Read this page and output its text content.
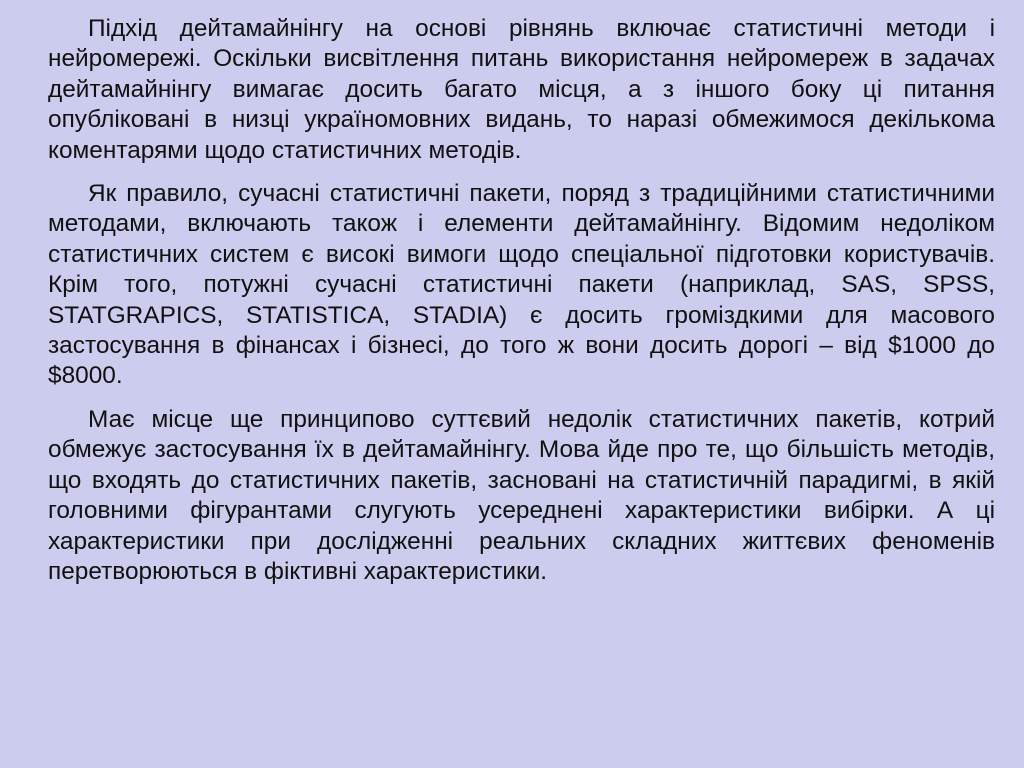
Підхід дейтамайнінгу на основі рівнянь включає статистичні методи і нейромережі. Оскільки висвітлення питань використання нейромереж в задачах дейтамайнінгу вимагає досить багато місця, а з іншого боку ці питання опубліковані в низці україномовних видань, то наразі обмежимося декількома коментарями щодо статистичних методів.

Як правило, сучасні статистичні пакети, поряд з традиційними статистичними методами, включають також і елементи дейтамайнінгу. Відомим недоліком статистичних систем є високі вимоги щодо спеціальної підготовки користувачів. Крім того, потужні сучасні статистичні пакети (наприклад, SAS, SPSS, STATGRAPICS, STATISTICA, STADIA) є досить громіздкими для масового застосування в фінансах і бізнесі, до того ж вони досить дорогі – від $1000 до $8000.

Має місце ще принципово суттєвий недолік статистичних пакетів, котрий обмежує застосування їх в дейтамайнінгу. Мова йде про те, що більшість методів, що входять до статистичних пакетів, засновані на статистичній парадигмі, в якій головними фігурантами слугують усереднені характеристики вибірки. А ці характеристики при дослідженні реальних складних життєвих феноменів перетворюються в фіктивні характеристики.
